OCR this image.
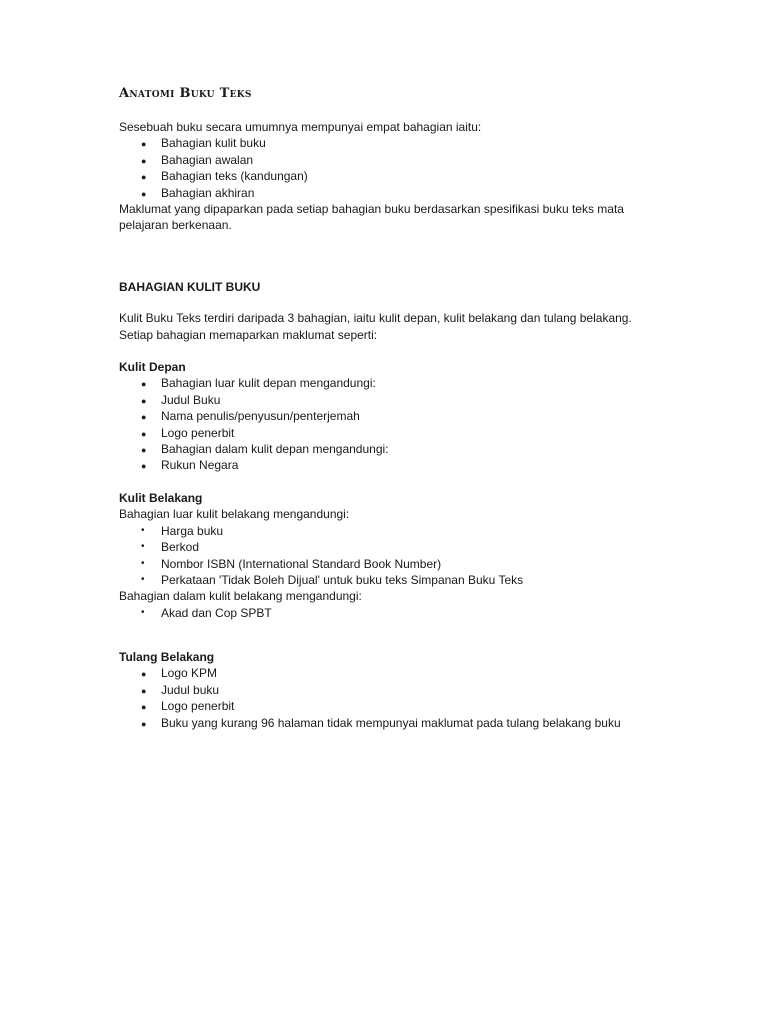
Anatomi Buku Teks

Sesebuah buku secara umumnya mempunyai empat bahagian iaitu:

● Bahagian kulit buku
● Bahagian awalan
● Bahagian teks (kandungan)
● Bahagian akhiran

Maklumat yang dipaparkan pada setiap bahagian buku berdasarkan spesifikasi buku teks mata

pelajaran berkenaan.

BAHAGIAN KULIT BUKU

Kulit Buku Teks terdiri daripada 3 bahagian, iaitu kulit depan, kulit belakang dan tulang belakang.

Setiap bahagian memaparkan maklumat seperti:

Kulit Depan

● Bahagian luar kulit depan mengandungi:
● Judul Buku
● Nama penulis/penyusun/penterjemah
● Logo penerbit
● Bahagian dalam kulit depan mengandungi:
● Rukun Negara

Kulit Belakang

Bahagian luar kulit belakang mengandungi:

• Harga buku
• Berkod
• Nombor ISBN (International Standard Book Number)
• Perkataan 'Tidak Boleh Dijual' untuk buku teks Simpanan Buku Teks

Bahagian dalam kulit belakang mengandungi:

• Akad dan Cop SPBT

Tulang Belakang

● Logo KPM
● Judul buku
● Logo penerbit
● Buku yang kurang 96 halaman tidak mempunyai maklumat pada tulang belakang buku
